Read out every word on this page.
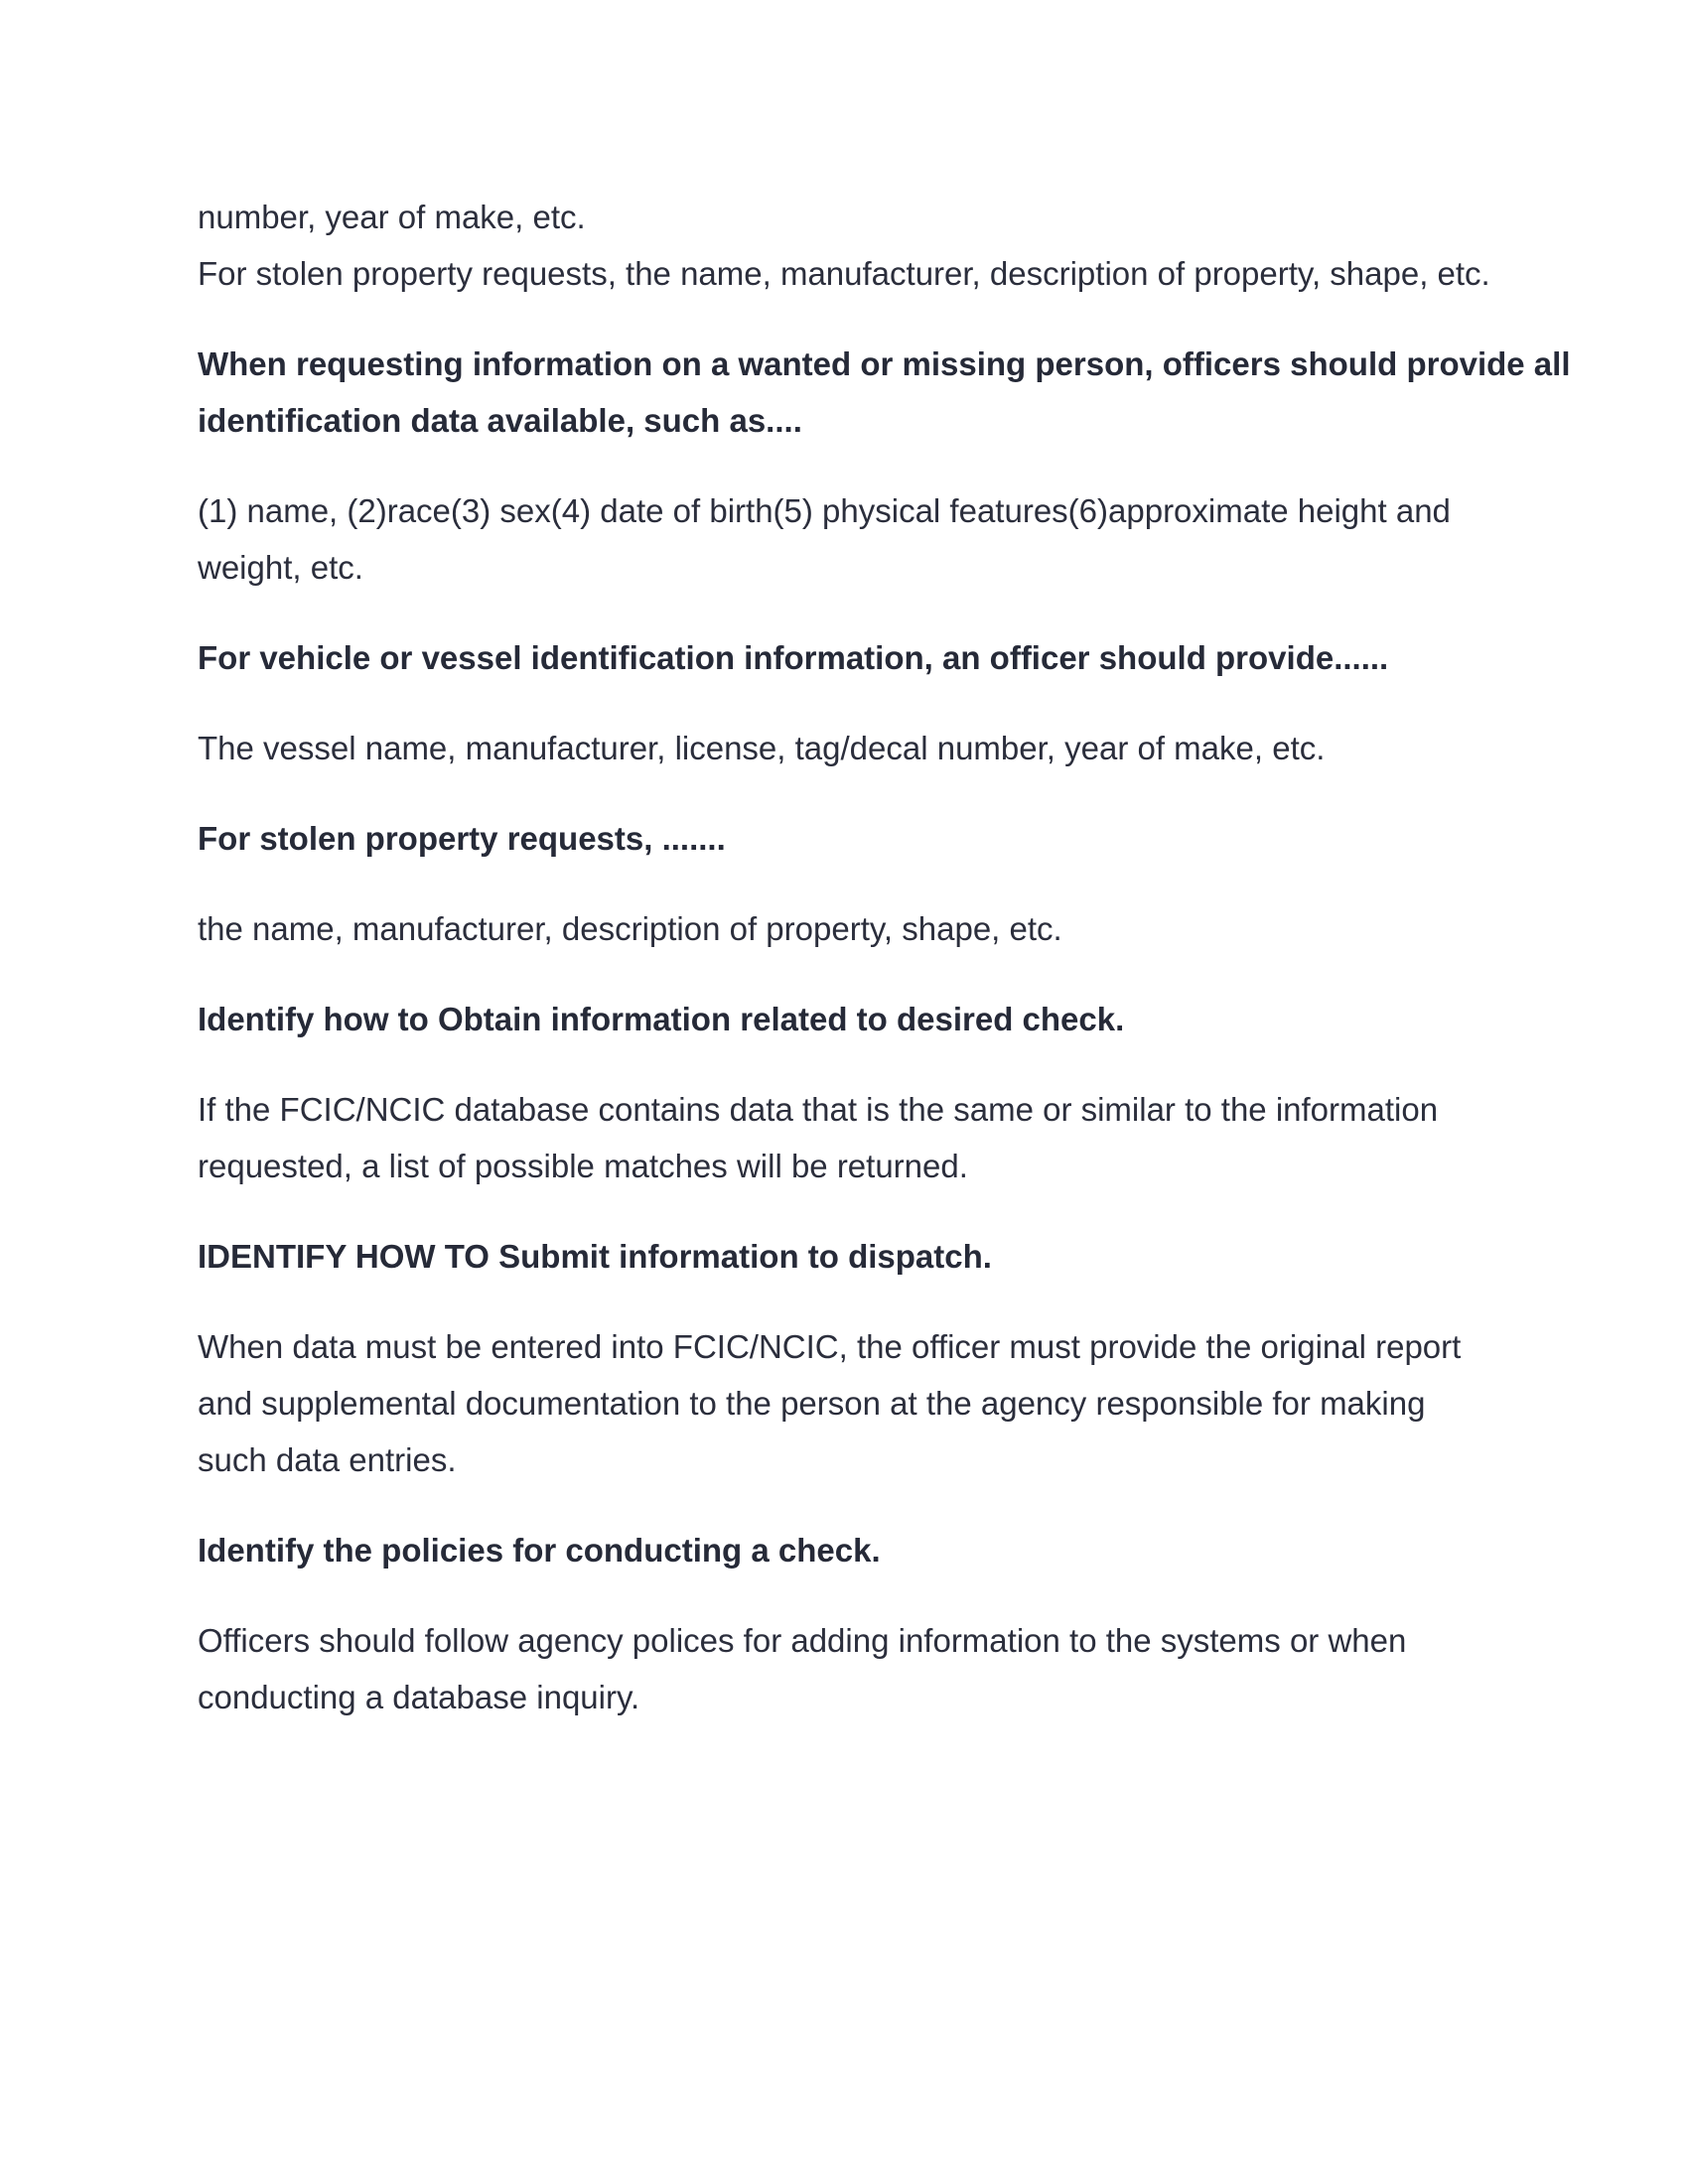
number, year of make, etc.

For stolen property requests, the name, manufacturer, description of property, shape, etc.

When requesting information on a wanted or missing person, officers should provide all
identification data available, such as....

(1) name, (2)race(3) sex(4) date of birth(5) physical features(6)approximate height and weight, etc.

For vehicle or vessel identification information, an officer should provide......

The vessel name, manufacturer, license, tag/decal number, year of make, etc.

For stolen property requests, .......

the name, manufacturer, description of property, shape, etc.

Identify how to Obtain information related to desired check.

If the FCIC/NCIC database contains data that is the same or similar to the information requested, a list of possible matches will be returned.

IDENTIFY HOW TO Submit information to dispatch.

When data must be entered into FCIC/NCIC, the officer must provide the original report and supplemental documentation to the person at the agency responsible for making such data entries.

Identify the policies for conducting a check.

Officers should follow agency polices for adding information to the systems or when conducting a database inquiry.
